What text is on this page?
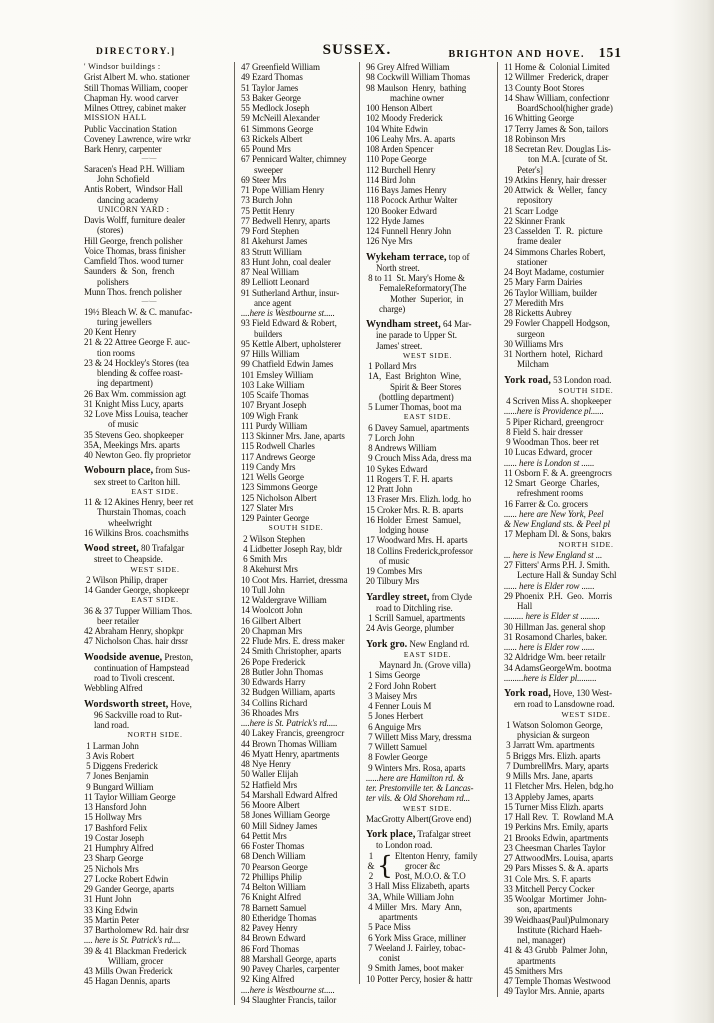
DIRECTORY.]	SUSSEX.	BRIGHTON AND HOVE. 151
' Windsor buildings :
Grist Albert M. who. stationer
Still Thomas William, cooper
Chapman Hy. wood carver
Milnes Ottrey, cabinet maker
MISSION HALL
Public Vaccination Station
Coveney Lawrence, wire wrkr
Bark Henry, carpenter
—·—
Saracen's Head P.H. William
John Schofield
Antis Robert,  Windsor Hall
dancing academy
UNICORN YARD :
Davis Wolff, furniture dealer
(stores)
Hill George, french polisher
Voice Thomas, brass finisher
Camfield Thos. wood turner
Saunders  &  Son,  french
polishers
Munn Thos. french polisher
—·—
19½ Bleach W. & C. manufac-
turing jewellers
20 Kent Henry
21 & 22 Attree George F. auc-
tion rooms
23 & 24 Hockley's Stores (tea
blending & coffee roast-
ing department)
26 Bax Wm. commission agt
31 Knight Miss Lucy, aparts
32 Love Miss Louisa, teacher
of music
35 Stevens Geo. shopkeeper
35A, Meekings Mrs. aparts
40 Newton Geo. fly proprietor
Wobourn place, from Sus-
sex street to Carlton hill.
EAST SIDE.
11 & 12 Akines Henry, beer ret
Thurstain Thomas, coach
wheelwright
16 Wilkins Bros. coachsmiths
Wood street, 80 Trafalgar
street to Cheapside.
WEST SIDE.
2 Wilson Philip, draper
14 Gander George, shopkeepr
EAST SIDE.
36 & 37 Tupper William Thos.
beer retailer
42 Abraham Henry, shopkpr
47 Nicholson Chas. hair drssr
Woodside avenue, Preston,
continuation of Hampstead
road to Tivoli crescent.
Webbling Alfred
Wordsworth street, Hove,
96 Sackville road to Rut-
land road.
NORTH SIDE.
1 Larman John
3 Avis Robert
5 Diggens Frederick
7 Jones Benjamin
9 Bungard William
11 Taylor William George
13 Hansford John
15 Hollway Mrs
17 Bashford Felix
19 Costar Joseph
21 Humphry Alfred
23 Sharp George
25 Nichols Mrs
27 Locke Robert Edwin
29 Gander George, aparts
31 Hunt John
33 King Edwin
35 Martin Peter
37 Bartholomew Rd. hair drsr
.... here is St. Patrick's rd....
39 & 41 Blackman Frederick
William, grocer
43 Mills Owan Frederick
45 Hagan Dennis, aparts
47 Greenfield William
49 Ezard Thomas
51 Taylor James
53 Baker George
55 Medlock Joseph
59 McNeill Alexander
61 Simmons George
63 Rickels Albert
65 Pound Mrs
67 Pennicard Walter, chimney
sweeper
69 Steer Mrs
71 Pope William Henry
73 Burch John
75 Pettit Henry
77 Bedwell Henry, aparts
79 Ford Stephen
81 Akehurst James
83 Strutt William
83 Hunt John, coal dealer
87 Neal William
89 Lelliott Leonard
91 Sutherland Arthur, insur-
ance agent
....here is Westbourne st.....
93 Field Edward & Robert,
builders
95 Kettle Albert, upholsterer
97 Hills William
99 Chatfield Edwin James
101 Emsley William
103 Lake William
105 Scaife Thomas
107 Bryant Joseph
109 Wigh Frank
111 Purdy William
113 Skinner Mrs. Jane, aparts
115 Rodwell Charles
117 Andrews George
119 Candy Mrs
121 Wells George
123 Simmons George
125 Nicholson Albert
127 Slater Mrs
129 Painter George
SOUTH SIDE.
2 Wilson Stephen
4 Lidbetter Joseph Ray, bldr
6 Smith Mrs
8 Akehurst Mrs
10 Coot Mrs. Harriet, dressma
10 Tull John
12 Waldergrave William
14 Woolcott John
16 Gilbert Albert
20 Chapman Mrs
22 Flude Mrs. E. dress maker
24 Smith Christopher, aparts
26 Pope Frederick
28 Butler John Thomas
30 Edwards Harry
32 Budgen William, aparts
34 Collins Richard
36 Rhoades Mrs
....here is St. Patrick's rd.....
40 Lakey Francis, greengrocr
44 Brown Thomas William
46 Myatt Henry, apartments
48 Nye Henry
50 Waller Elijah
52 Hatfield Mrs
54 Marshall Edward Alfred
56 Moore Albert
58 Jones William George
60 Mill Sidney James
64 Pettit Mrs
66 Foster Thomas
68 Dench William
70 Pearson George
72 Phillips Philip
74 Belton William
76 Knight Alfred
78 Barnett Samuel
80 Etheridge Thomas
82 Pavey Henry
84 Brown Edward
86 Ford Thomas
88 Marshall George, aparts
90 Pavey Charles, carpenter
92 King Alfred
....here is Westbourne st.....
94 Slaughter Francis, tailor
96 Grey Alfred William
98 Cockwill William Thomas
98 Maulson  Henry,  bathing
machine owner
100 Henson Albert
102 Moody Frederick
104 White Edwin
106 Leahy Mrs. A. aparts
108 Arden Spencer
110 Pope George
112 Burchell Henry
114 Bird John
116 Bays James Henry
118 Pocock Arthur Walter
120 Booker Edward
122 Hyde James
124 Funnell Henry John
126 Nye Mrs
Wykeham terrace, top of
North street.
8 to 11  St. Mary's Home &
FemaleReformatory(The
Mother  Superior,  in
charge)
Wyndham street, 64 Mar-
ine parade to Upper St.
James' street.
WEST SIDE.
1 Pollard Mrs
1A,  East  Brighton  Wine,
Spirit & Beer Stores
(bottling department)
5 Lumer Thomas, boot ma
EAST SIDE.
6 Davey Samuel, apartments
7 Lorch John
8 Andrews William
9 Crouch Miss Ada, dress ma
10 Sykes Edward
11 Rogers T. F. H. aparts
12 Pratt John
13 Fraser Mrs. Elizh. lodg. ho
15 Croker Mrs. R. B. aparts
16 Holder  Ernest  Samuel,
lodging house
17 Woodward Mrs. H. aparts
18 Collins Frederick,professor
of music
19 Combes Mrs
20 Tilbury Mrs
Yardley street, from Clyde
road to Ditchling rise.
1 Scrill Samuel, apartments
24 Avis George, plumber
York gro. New England rd.
EAST SIDE.
Maynard Jn. (Grove villa)
1 Sims George
2 Ford John Robert
3 Maisey Mrs
4 Fenner Louis M
5 Jones Herbert
6 Anguige Mrs
7 Willett Miss Mary, dressma
7 Willett Samuel
8 Fowler George
9 Winters Mrs. Rosa, aparts
......here are Hamilton rd. &
ter. Prestonville ter. & Lancas-
ter vils. & Old Shoreham rd...
WEST SIDE.
MacGrotty Albert(Grove end)
York place, Trafalgar street
to London road.
1
&
2 { Eltenton Henry,  family
grocer &c
Post, M.O.O. & T.O
3 Hall Miss Elizabeth, aparts
3A, While William John
4 Miller  Mrs.  Mary  Ann,
apartments
5 Pace Miss
6 York Miss Grace, milliner
7 Weeland J. Fairley, tobac-
conist
9 Smith James, boot maker
10 Potter Percy, hosier & hattr
11 Home &  Colonial Limited
12 Willmer  Frederick, draper
13 County Boot Stores
14 Shaw William, confectionr
BoardSchool(higher grade)
16 Whitting George
17 Terry James & Son, tailors
18 Robinson Mrs
18 Secretan Rev. Douglas Lis-
ton M.A. [curate of St.
Peter's]
19 Atkins Henry, hair dresser
20 Attwick  &  Weller,  fancy
repository
21 Scarr Lodge
22 Skinner Frank
23 Casselden  T.  R.  picture
frame dealer
24 Simmons Charles Robert,
stationer
24 Boyt Madame, costumier
25 Mary Farm Dairies
26 Taylor William, builder
27 Meredith Mrs
28 Ricketts Aubrey
29 Fowler Chappell Hodgson,
surgeon
30 Williams Mrs
31 Northern  hotel,  Richard
Milcham
York road, 53 London road.
SOUTH SIDE.
4 Scriven Miss A. shopkeeper
......here is Providence pl......
5 Piper Richard, greengrocr
8 Field S. hair dresser
9 Woodman Thos. beer ret
10 Lucas Edward, grocer
...... here is London st ......
11 Osborn F. & A. greengrocrs
12 Smart  George  Charles,
refreshment rooms
16 Farrer & Co. grocers
...... here are New York, Peel
& New England sts. & Peel pl
17 Mepham Dl. & Sons, bakrs
NORTH SIDE.
... here is New England st ...
27 Fitters' Arms P.H. J. Smith.
Lecture Hall & Sunday Schl
...... here is Elder row ......
29 Phoenix  P.H.  Geo.  Morris
Hall
......... here is Elder st .........
30 Hillman Jas. general shop
31 Rosamond Charles, baker.
...... here is Elder row ......
32 Aldridge Wm. beer retailr
34 AdamsGeorgeWm. bootma
.........here is Elder pl.........
York road, Hove, 130 West-
ern road to Lansdowne road.
WEST SIDE.
1 Watson Solomon George,
physician & surgeon
3 Jarratt Wm. apartments
5 Briggs Mrs. Elizh. aparts
7 DumbrellMrs. Mary, aparts
9 Mills Mrs. Jane, aparts
11 Fletcher Mrs. Helen, bdg.ho
13 Appleby James, aparts
15 Turner Miss Elizh. aparts
17 Hall Rev.  T.  Rowland M.A
19 Perkins Mrs. Emily, aparts
21 Brooks Edwin, apartments
23 Cheesman Charles Taylor
27 AttwoodMrs. Louisa, aparts
29 Pars Misses S. & A. aparts
31 Cole Mrs. S. F. aparts
33 Mitchell Percy Cocker
35 Woolgar  Mortimer  John-
son, apartments
39 Weidhaas(Paul)Pulmonary
Institute (Richard Haeh-
nel, manager)
41 & 43 Grubb  Palmer John,
apartments
45 Smithers Mrs
47 Temple Thomas Westwood
49 Taylor Mrs. Annie, aparts
